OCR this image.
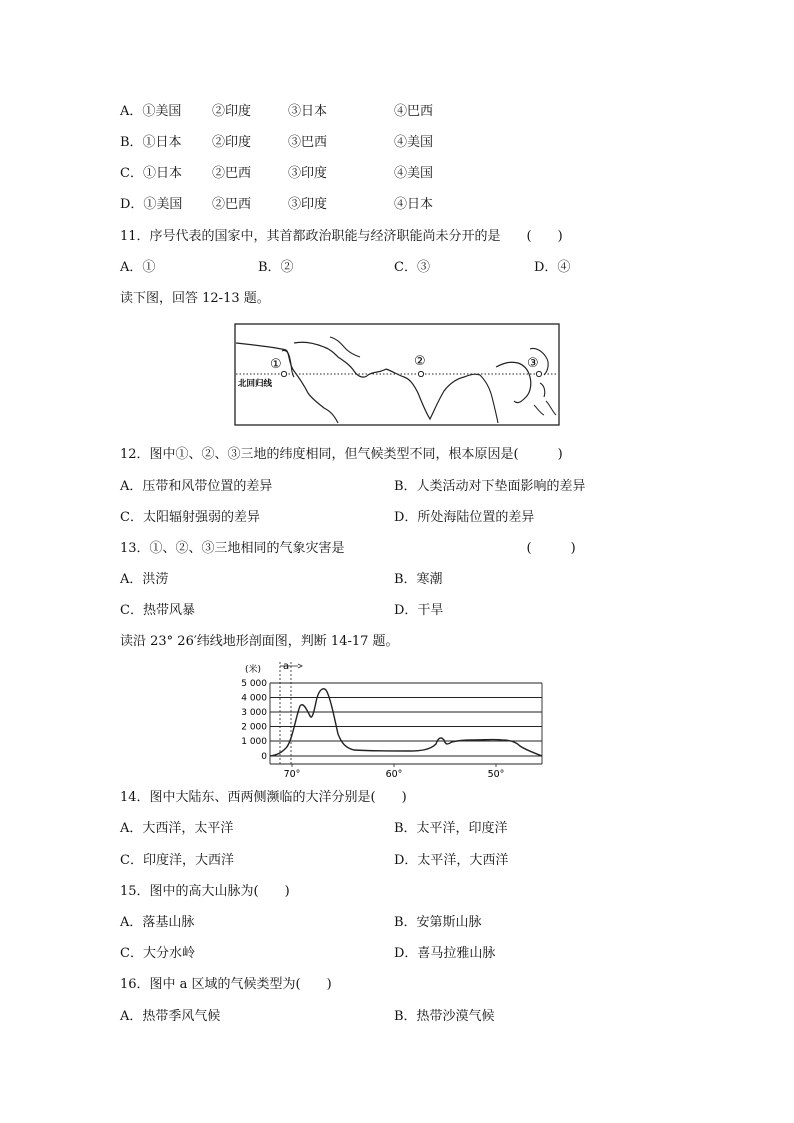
A．①美国 ②印度	③日本	④巴西
B．①日本 ②印度	③巴西	④美国
C．①日本 ②巴西	③印度	④美国
D．①美国 ②巴西	③印度	④日本
11．序号代表的国家中，其首都政治职能与经济职能尚未分开的是　　(　　)
A．①	B．②	C．③	D．④
读下图，回答 12-13 题。
①	②	③
北回归线
12．图中①、②、③三地的纬度相同，但气候类型不同，根本原因是(　　　)
A．压带和风带位置的差异	B．人类活动对下垫面影响的差异
C．太阳辐射强弱的差异	D．所处海陆位置的差异
13．①、②、③三地相同的气象灾害是　　　　　　　　　　　　　　(　　　)
A．洪涝	B．寒潮
C．热带风暴	D．干旱
读沿 23° 26′纬线地形剖面图，判断 14-17 题。
a
(米)
5 000
4 000
3 000
2 000
1 000
0
70°	60°	50°
14．图中大陆东、西两侧濒临的大洋分别是(　　)
A．大西洋，太平洋	B．太平洋，印度洋
C．印度洋，大西洋	D．太平洋，大西洋
15．图中的高大山脉为(　　)
A．落基山脉	B．安第斯山脉
C．大分水岭	D．喜马拉雅山脉
16．图中 a 区域的气候类型为(　　)
A．热带季风气候	B．热带沙漠气候
